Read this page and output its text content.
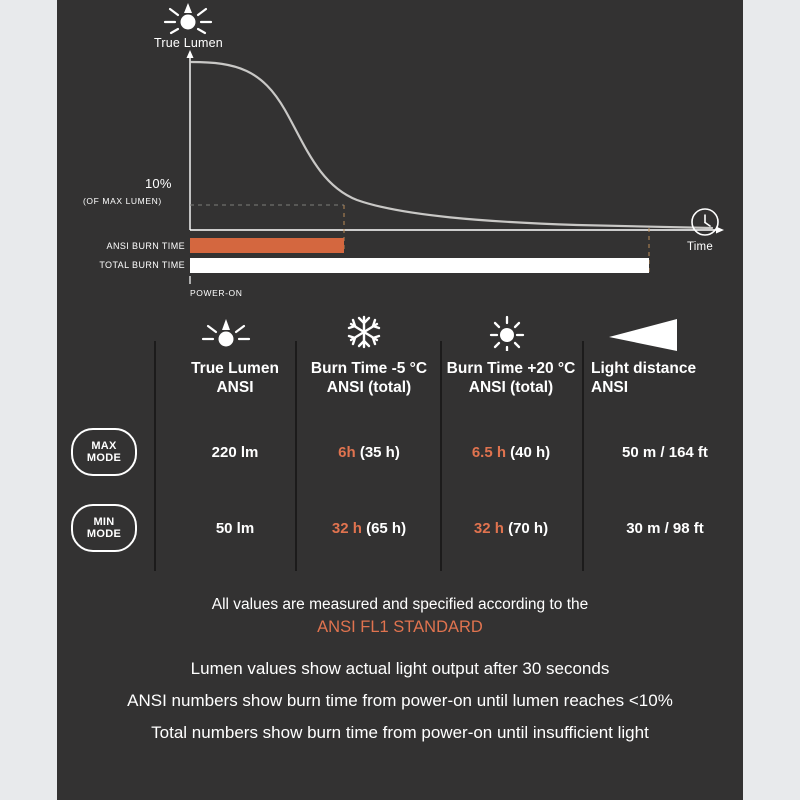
True Lumen
Time
10%
(OF MAX LUMEN)
ANSI BURN TIME
TOTAL BURN TIME
POWER-ON
True Lumen
ANSI
Burn Time -5 °C
ANSI (total)
Burn Time +20 °C
ANSI (total)
Light distance
ANSI
MAX
MODE	220 lm	6h (35 h)	6.5 h (40 h)	50 m / 164 ft
MIN
MODE	50 lm	32 h (65 h)	32 h (70 h)	30 m / 98 ft
All values are measured and specified according to the
ANSI FL1 STANDARD
Lumen values show actual light output after 30 seconds
ANSI numbers show burn time from power-on until lumen reaches <10%
Total numbers show burn time from power-on until insufficient light
